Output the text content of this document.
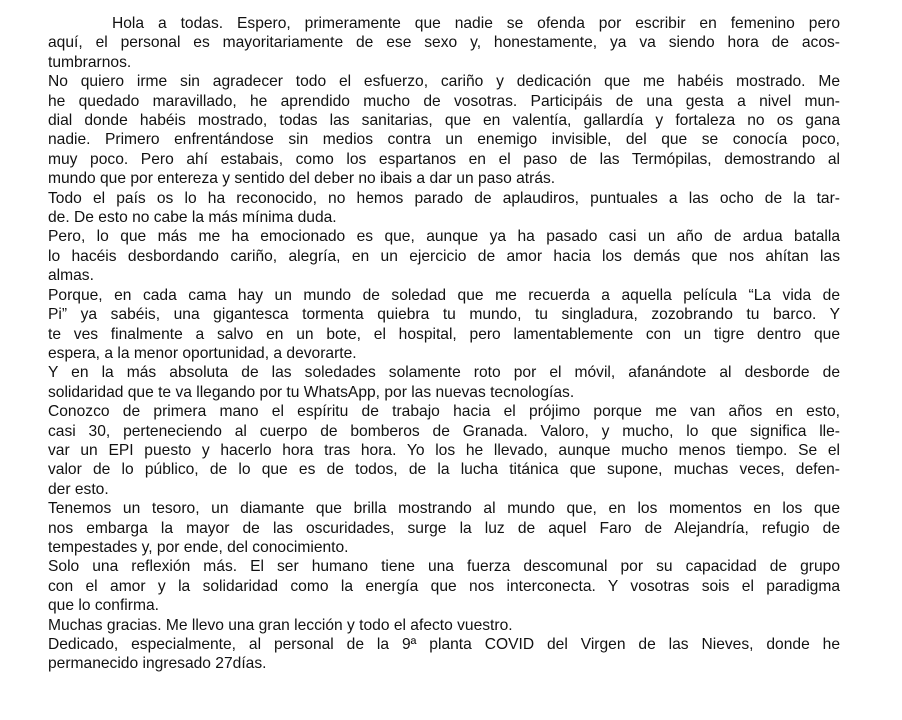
Hola a todas. Espero, primeramente que nadie se ofenda por escribir en femenino pero
aquí, el personal es mayoritariamente de ese sexo y, honestamente, ya va siendo hora de acos-
tumbrarnos.
No quiero irme sin agradecer todo el esfuerzo, cariño y dedicación que me habéis mostrado. Me
he quedado maravillado, he aprendido mucho de vosotras. Participáis de una gesta a nivel mun-
dial donde habéis mostrado, todas las sanitarias, que en valentía, gallardía y fortaleza no os gana
nadie. Primero enfrentándose sin medios contra un enemigo invisible, del que se conocía poco,
muy poco. Pero ahí estabais, como los espartanos en el paso de las Termópilas, demostrando al
mundo que por entereza y sentido del deber no ibais a dar un paso atrás.
Todo el país os lo ha reconocido, no hemos parado de aplaudiros, puntuales a las ocho de la tar-
de. De esto no cabe la más mínima duda.
Pero, lo que más me ha emocionado es que, aunque ya ha pasado casi un año de ardua batalla
lo hacéis desbordando cariño, alegría, en un ejercicio de amor hacia los demás que nos ahítan las
almas.
Porque, en cada cama hay un mundo de soledad que me recuerda a aquella película “La vida de
Pi” ya sabéis, una gigantesca tormenta quiebra tu mundo, tu singladura, zozobrando tu barco. Y
te ves finalmente a salvo en un bote, el hospital, pero lamentablemente con un tigre dentro que
espera, a la menor oportunidad, a devorarte.
Y en la más absoluta de las soledades solamente roto por el móvil, afanándote al desborde de
solidaridad que te va llegando por tu WhatsApp, por las nuevas tecnologías.
Conozco de primera mano el espíritu de trabajo hacia el prójimo porque me van años en esto,
casi 30, perteneciendo al cuerpo de bomberos de Granada. Valoro, y mucho, lo que significa lle-
var un EPI puesto y hacerlo hora tras hora. Yo los he llevado, aunque mucho menos tiempo. Se el
valor de lo público, de lo que es de todos, de la lucha titánica que supone, muchas veces, defen-
der esto.
Tenemos un tesoro, un diamante que brilla mostrando al mundo que, en los momentos en los que
nos embarga la mayor de las oscuridades, surge la luz de aquel Faro de Alejandría, refugio de
tempestades y, por ende, del conocimiento.
Solo una reflexión más. El ser humano tiene una fuerza descomunal por su capacidad de grupo
con el amor y la solidaridad como la energía que nos interconecta. Y vosotras sois el paradigma
que lo confirma.
Muchas gracias. Me llevo una gran lección y todo el afecto vuestro.
Dedicado, especialmente, al personal de la 9ª planta COVID del Virgen de las Nieves, donde he
permanecido ingresado 27días.
